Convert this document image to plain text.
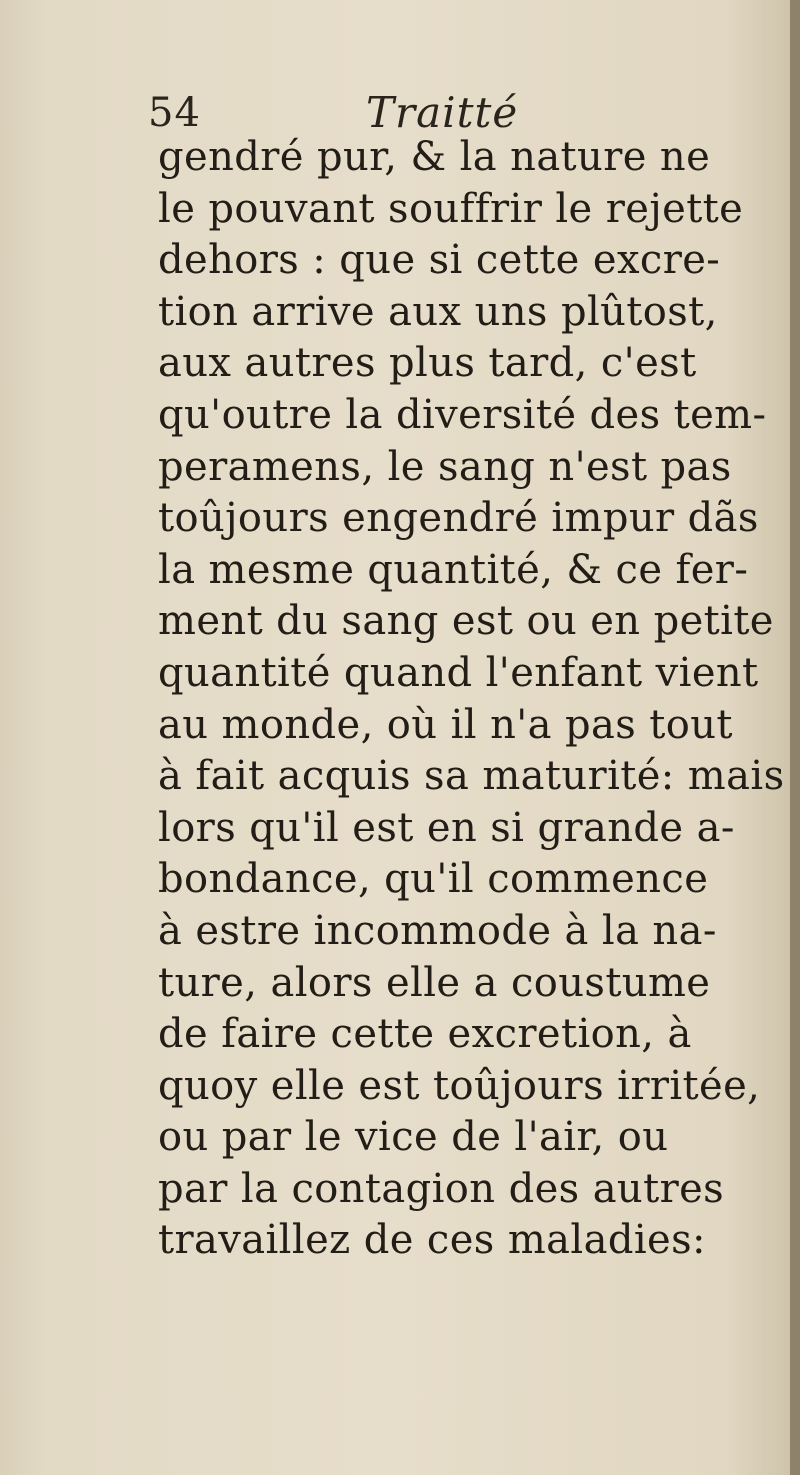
54	Traitté
gendré pur, & la nature ne
le pouvant souffrir le rejette
dehors : que si cette excre-
tion arrive aux uns plûtost,
aux autres plus tard, c'est
qu'outre la diversité des tem-
peramens, le sang n'est pas
toûjours engendré impur dãs
la mesme quantité, & ce fer-
ment du sang est ou en petite
quantité quand l'enfant vient
au monde, où il n'a pas tout
à fait acquis sa maturité: mais
lors qu'il est en si grande a-
bondance, qu'il commence
à estre incommode à la na-
ture, alors elle a coustume
de faire cette excretion, à
quoy elle est toûjours irritée,
ou par le vice de l'air, ou
par la contagion des autres
travaillez de ces maladies:
